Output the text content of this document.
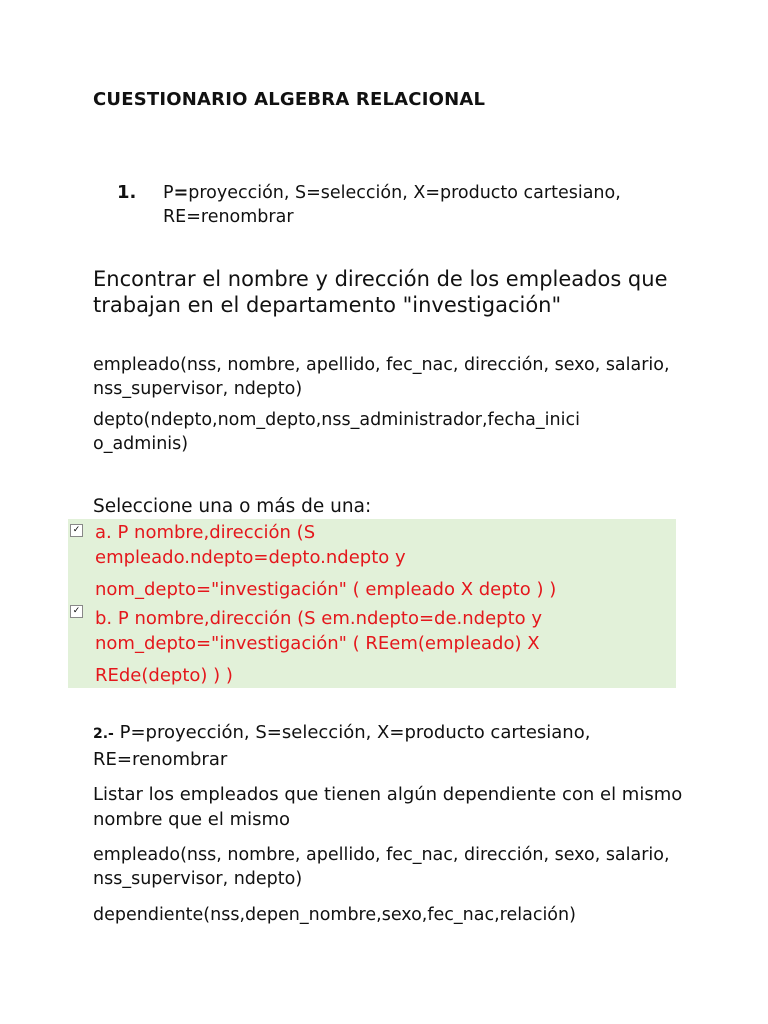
CUESTIONARIO ALGEBRA RELACIONAL
1. P=proyección, S=selección, X=producto cartesiano, RE=renombrar
Encontrar el nombre y dirección de los empleados que trabajan en el departamento "investigación"
empleado(nss, nombre, apellido, fec_nac, dirección, sexo, salario, nss_supervisor, ndepto)
depto(ndepto,nom_depto,nss_administrador,fecha_inici
o_adminis)
Seleccione una o más de una:
✓ a. P nombre,dirección (S
empleado.ndepto=depto.ndepto y
nom_depto="investigación" ( empleado X depto ) )
✓ b. P nombre,dirección (S em.ndepto=de.ndepto y
nom_depto="investigación" ( REem(empleado) X
REde(depto) ) )
2.- P=proyección, S=selección, X=producto cartesiano, RE=renombrar
Listar los empleados que tienen algún dependiente con el mismo nombre que el mismo
empleado(nss, nombre, apellido, fec_nac, dirección, sexo, salario, nss_supervisor, ndepto)
dependiente(nss,depen_nombre,sexo,fec_nac,relación)
